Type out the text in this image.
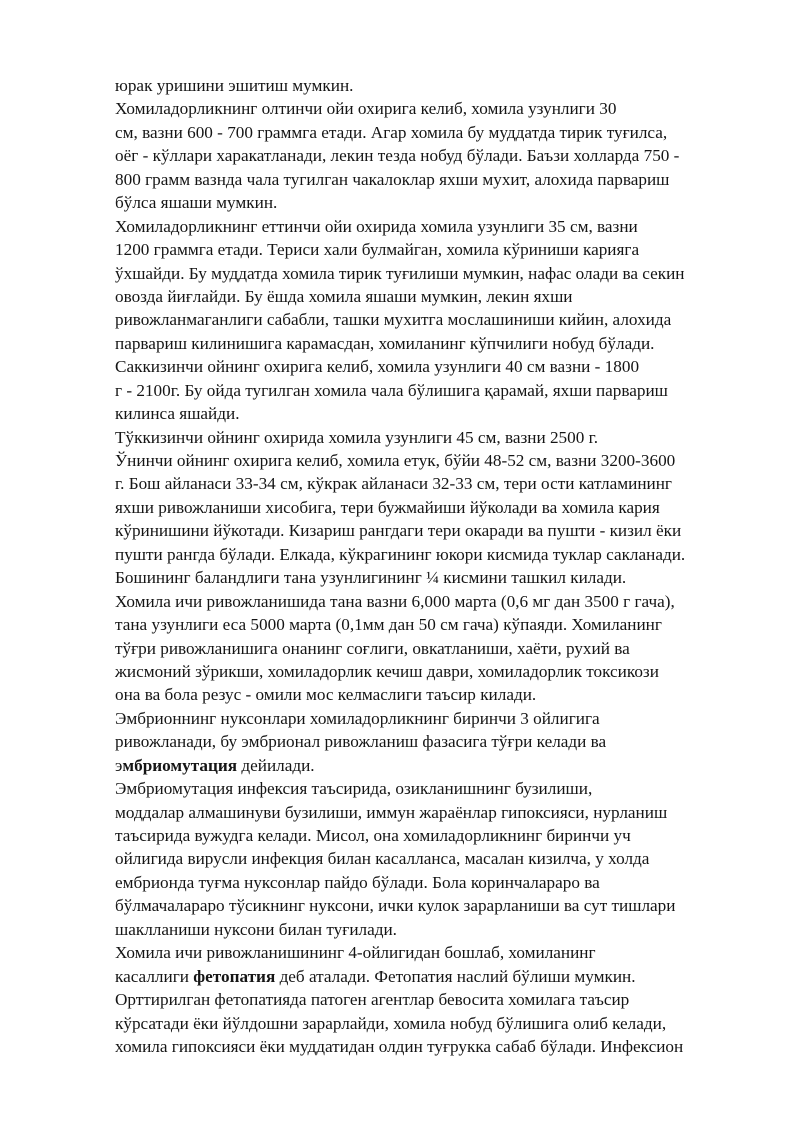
юрак уришини эшитиш мумкин.
Хомиладорликнинг олтинчи ойи охирига келиб, хомила узунлиги 30
см, вазни 600 - 700 граммга етади. Агар хомила бу муддатда тирик туғилса,
оёг - кўллари харакатланади, лекин тезда нобуд бўлади. Баъзи холларда 750 -
800 грамм вазнда чала тугилган чакалоклар яхши мухит, алохида парвариш
бўлса яшаши мумкин.
Хомиладорликнинг еттинчи ойи охирида хомила узунлиги 35 см, вазни
1200 граммга етади. Териси хали булмайган, хомила кўриниши карияга
ўхшайди. Бу муддатда хомила тирик туғилиши мумкин, нафас олади ва секин
овозда йиғлайди. Бу ёшда хомила яшаши мумкин, лекин яхши
ривожланмаганлиги сабабли, ташки мухитга мослашиниши кийин, алохида
парвариш килинишига карамасдан, хомиланинг кўпчилиги нобуд бўлади.
Саккизинчи ойнинг охирига келиб, хомила узунлиги 40 см вазни - 1800
г - 2100г. Бу ойда тугилган хомила чала бўлишига қарамай, яхши парвариш
килинса яшайди.
Тўккизинчи ойнинг охирида хомила узунлиги 45 см, вазни 2500 г.
Ўнинчи ойнинг охирига келиб, хомила етук, бўйи 48-52 см, вазни 3200-3600
г. Бош айланаси 33-34 см, кўкрак айланаси 32-33 см, тери ости катламининг
яхши ривожланиши хисобига, тери бужмайиши йўколади ва хомила кария
кўринишини йўкотади. Кизариш рангдаги тери окаради ва пушти - кизил ёки
пушти рангда бўлади. Елкада, кўкрагининг юкори кисмида туклар сакланади.
Бошининг баландлиги тана узунлигининг ¼ кисмини ташкил килади.
Хомила ичи ривожланишида тана вазни 6,000 марта (0,6 мг дан 3500 г гача),
тана узунлиги еса 5000 марта (0,1мм дан 50 см гача) кўпаяди. Хомиланинг
тўғри ривожланишига онанинг соғлиги, овкатланиши, хаёти, рухий ва
жисмоний зўрикши, хомиладорлик кечиш даври, хомиладорлик токсикози
она ва бола резус - омили мос келмаслиги таъсир килади.
Эмбрионнинг нуксонлари хомиладорликнинг биринчи 3 ойлигига
ривожланади, бу эмбрионал ривожланиш фазасига тўғри келади ва
эмбриомутация дейилади.
Эмбриомутация инфексия таъсирида, озикланишнинг бузилиши,
моддалар алмашинуви бузилиши, иммун жараёнлар гипоксияси, нурланиш
таъсирида вужудга келади. Мисол, она хомиладорликнинг биринчи уч
ойлигида вирусли инфекция билан касалланса, масалан кизилча, у холда
ембрионда туғма нуксонлар пайдо бўлади. Бола коринчалараро ва
бўлмачалараро тўсикнинг нуксони, ички кулок зарарланиши ва сут тишлари
шаклланиши нуксони билан туғилади.
Хомила ичи ривожланишининг 4-ойлигидан бошлаб, хомиланинг
касаллиги фетопатия деб аталади. Фетопатия наслий бўлиши мумкин.
Орттирилган фетопатияда патоген агентлар бевосита хомилага таъсир
кўрсатади ёки йўлдошни зарарлайди, хомила нобуд бўлишига олиб келади,
хомила гипоксияси ёки муддатидан олдин туғрукка сабаб бўлади. Инфексион
